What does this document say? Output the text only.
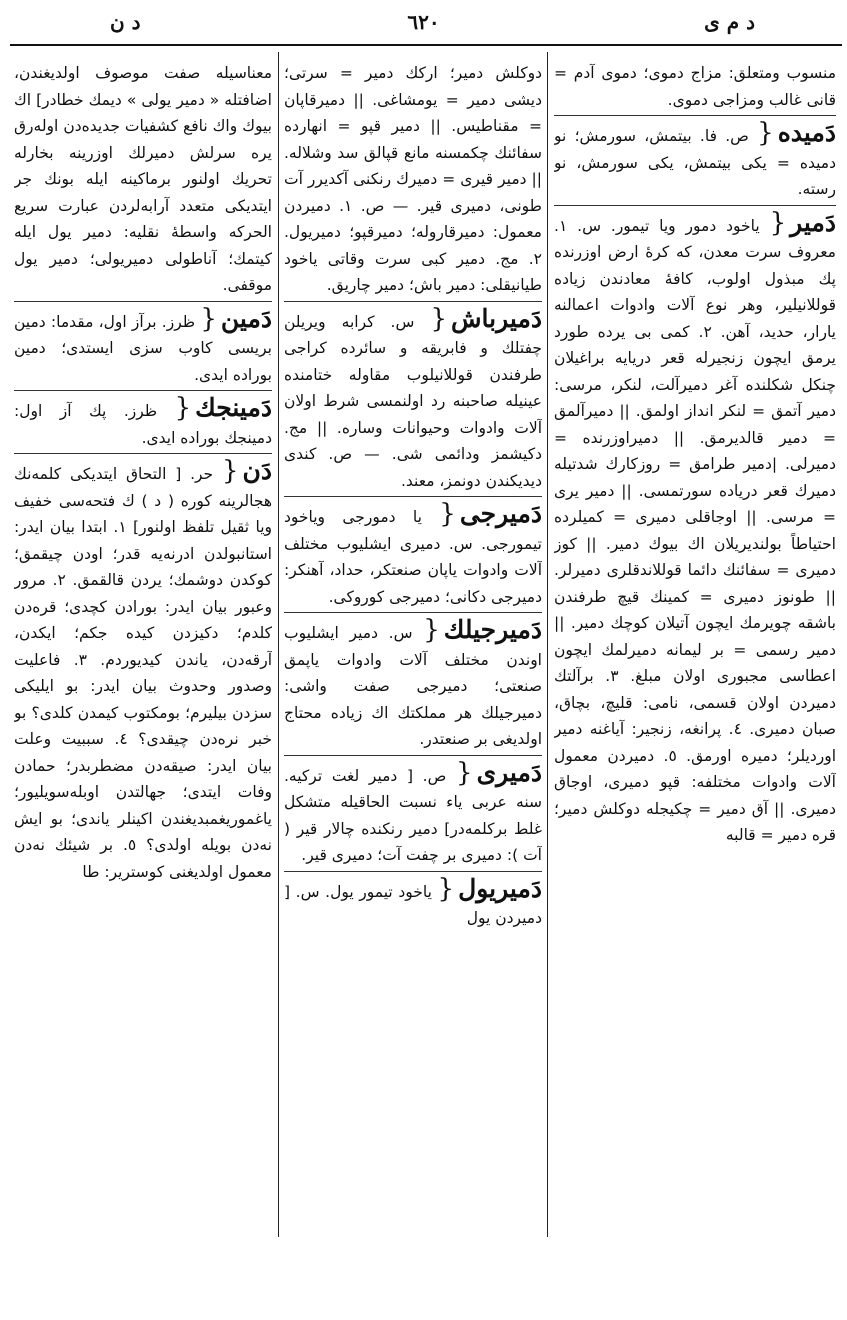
د م ى
٦٢٠
د ن
منسوب ومتعلق: مزاج دموى؛ دموی آدم = قانی غالب ومزاجی دموی.
دَمیده{ ص. فا. بیتمش، سورمش؛ نو دمیده = یكی بیتمش، یكی سورمش، نو رسته.
دَمیر{ یاخود دمور ویا تیمور. س. ١. معروف سرت معدن، كه كرهٔ ارض اوزرنده پك مبذول اولوب، كافهٔ معادندن زیاده قوللانیلیر، وهر نوع آلات وادوات اعمالنه یارار، حدید، آهن. ٢. كمی بی یرده طورد یرمق ایچون زنجیرله قعر دریایه براغیلان چنكل شكلنده آغر دمیرآلت، لنكر، مرسی: دمیر آتمق = لنكر انداز اولمق. || دمیرآلمق = دمیر قالدیرمق. || دمیراوزرنده = دمیرلی. |دمیر طرامق = روزكارك شدتیله دمیرك قعر دریاده سورتمسی. || دمیر یری = مرسی. || اوجاقلی دمیری = كمیلرده احتیاطاً بولندیریلان اك بیوك دمیر. || كوز دمیری = سفائنك دائما قوللاندقلری دمیرلر. || طونوز دمیری = كمینك قیچ طرفندن باشقه چویرمك ایچون آتیلان كوچك دمیر. || دمیر رسمی = بر لیمانه دمیرلمك ایچون اعطاسی مجبوری اولان مبلغ. ٣. برآلتك دمیردن اولان قسمی، نامی: قلیچ، بچاق، صبان دمیری. ٤. پرانغه، زنجیر: آیاغنه دمیر اوردیلر؛ دمیره اورمق. ٥. دمیردن معمول آلات وادوات مختلفه: قپو دمیری، اوجاق دمیری. || آق دمیر = چكیجله دوكلش دمیر؛ قره دمیر = قالبه
دوكلش دمیر؛ اركك دمیر = سرتی؛ دیشی دمیر = یومشاغی. || دمیرقاپان = مقناطیس. || دمیر قپو = انهارده سفائنك چكمسنه مانع قپالق سد وشلاله. || دمیر قیری = دمیرك رنكنی آكدیرر آت طونی، دمیری قیر. — ص. ١. دمیردن معمول: دمیرقاروله؛ دمیرقپو؛ دمیریول. ٢. مج. دمیر كبی سرت وقاتی یاخود طیانیقلی: دمیر باش؛ دمیر چاریق.
دَمیرباش{ س. كرابه ویریلن چفتلك و فابریقه و سائرده كراجی طرفندن قوللانیلوب مقاوله ختامنده عینیله صاحبنه رد اولنمسی شرط اولان آلات وادوات وحیوانات وساره. || مج. دكیشمز ودائمی شی. — ص. كندی دیدیكندن دونمز، معند.
دَمیرجی{ یا دمورجی ویاخود تیمورجی. س. دمیری ایشلیوب مختلف آلات وادوات یاپان صنعتكر، حداد، آهنكر: دمیرجی دكانی؛ دمیرجی كوروكی.
دَمیرجیلك{ س. دمیر ایشلیوب اوندن مختلف آلات وادوات یاپمق صنعتی؛ دمیرجی صفت واشی: دمیرجیلك هر مملكتك اك زیاده محتاج اولدیغی بر صنعتدر.
دَمیری{ ص. [ دمیر لغت تركیه. سنه عربی یاء نسبت الحاقیله متشكل غلط بركلمه‌در] دمیر رنكنده چالار قیر ( آت ): دمیری بر چفت آت؛ دمیری قیر.
دَمیریول{ یاخود تیمور یول. س. [ دمیردن یول
معناسیله صفت موصوف اولدیغندن، اضافتله « دمیر یولی » دیمك خطادر] اك بیوك واك نافع كشفیات جدیده‌دن اوله‌رق یره سرلش دمیرلك اوزرینه بخارله تحریك اولنور برماكینه ایله بونك جر ایتدیكی متعدد آرابه‌لردن عبارت سریع الحركه واسطهٔ نقلیه: دمیر یول ایله كیتمك؛ آناطولی دمیریولی؛ دمیر یول موقفی.
دَمین{ ظرز. برآز اول، مقدما: دمین بریسی كاوب سزی ایستدی؛ دمین بوراده ایدی.
دَمینجك{ ظرز. پك آز اول: دمینجك بوراده ایدی.
دَن{ حر. [ التحاق ایتدیكی كلمه‌نك هجالرینه كوره ( د ) ك فتحه‌سی خفیف ویا ثقیل تلفظ اولنور] ١. ابتدا بیان ایدر: استانبولدن ادرنه‌یه قدر؛ اودن چیقمق؛ كوكدن دوشمك؛ یردن قالقمق. ٢. مرور وعبور بیان ایدر: بورادن كچدی؛ قره‌دن كلدم؛ دكیزدن كیده جكم؛ ایكدن، آرقه‌دن، یاندن كیدیوردم. ٣. فاعلیت وصدور وحدوث بیان ایدر: بو ایلیكی سزدن بیلیرم؛ بومكتوب كیمدن كلدی؟ بو خبر نره‌دن چیقدی؟ ٤. سببیت وعلت بیان ایدر: صیقه‌دن مضطربدر؛ حمادن وفات ایتدی؛ جهالتدن اوبله‌سویلیور؛ یاغموریغمبدیغندن اكینلر یاندی؛ بو ایش نه‌دن بویله اولدی؟ ٥. بر شیئك نه‌دن معمول اولدیغنی كوستریر: طا
